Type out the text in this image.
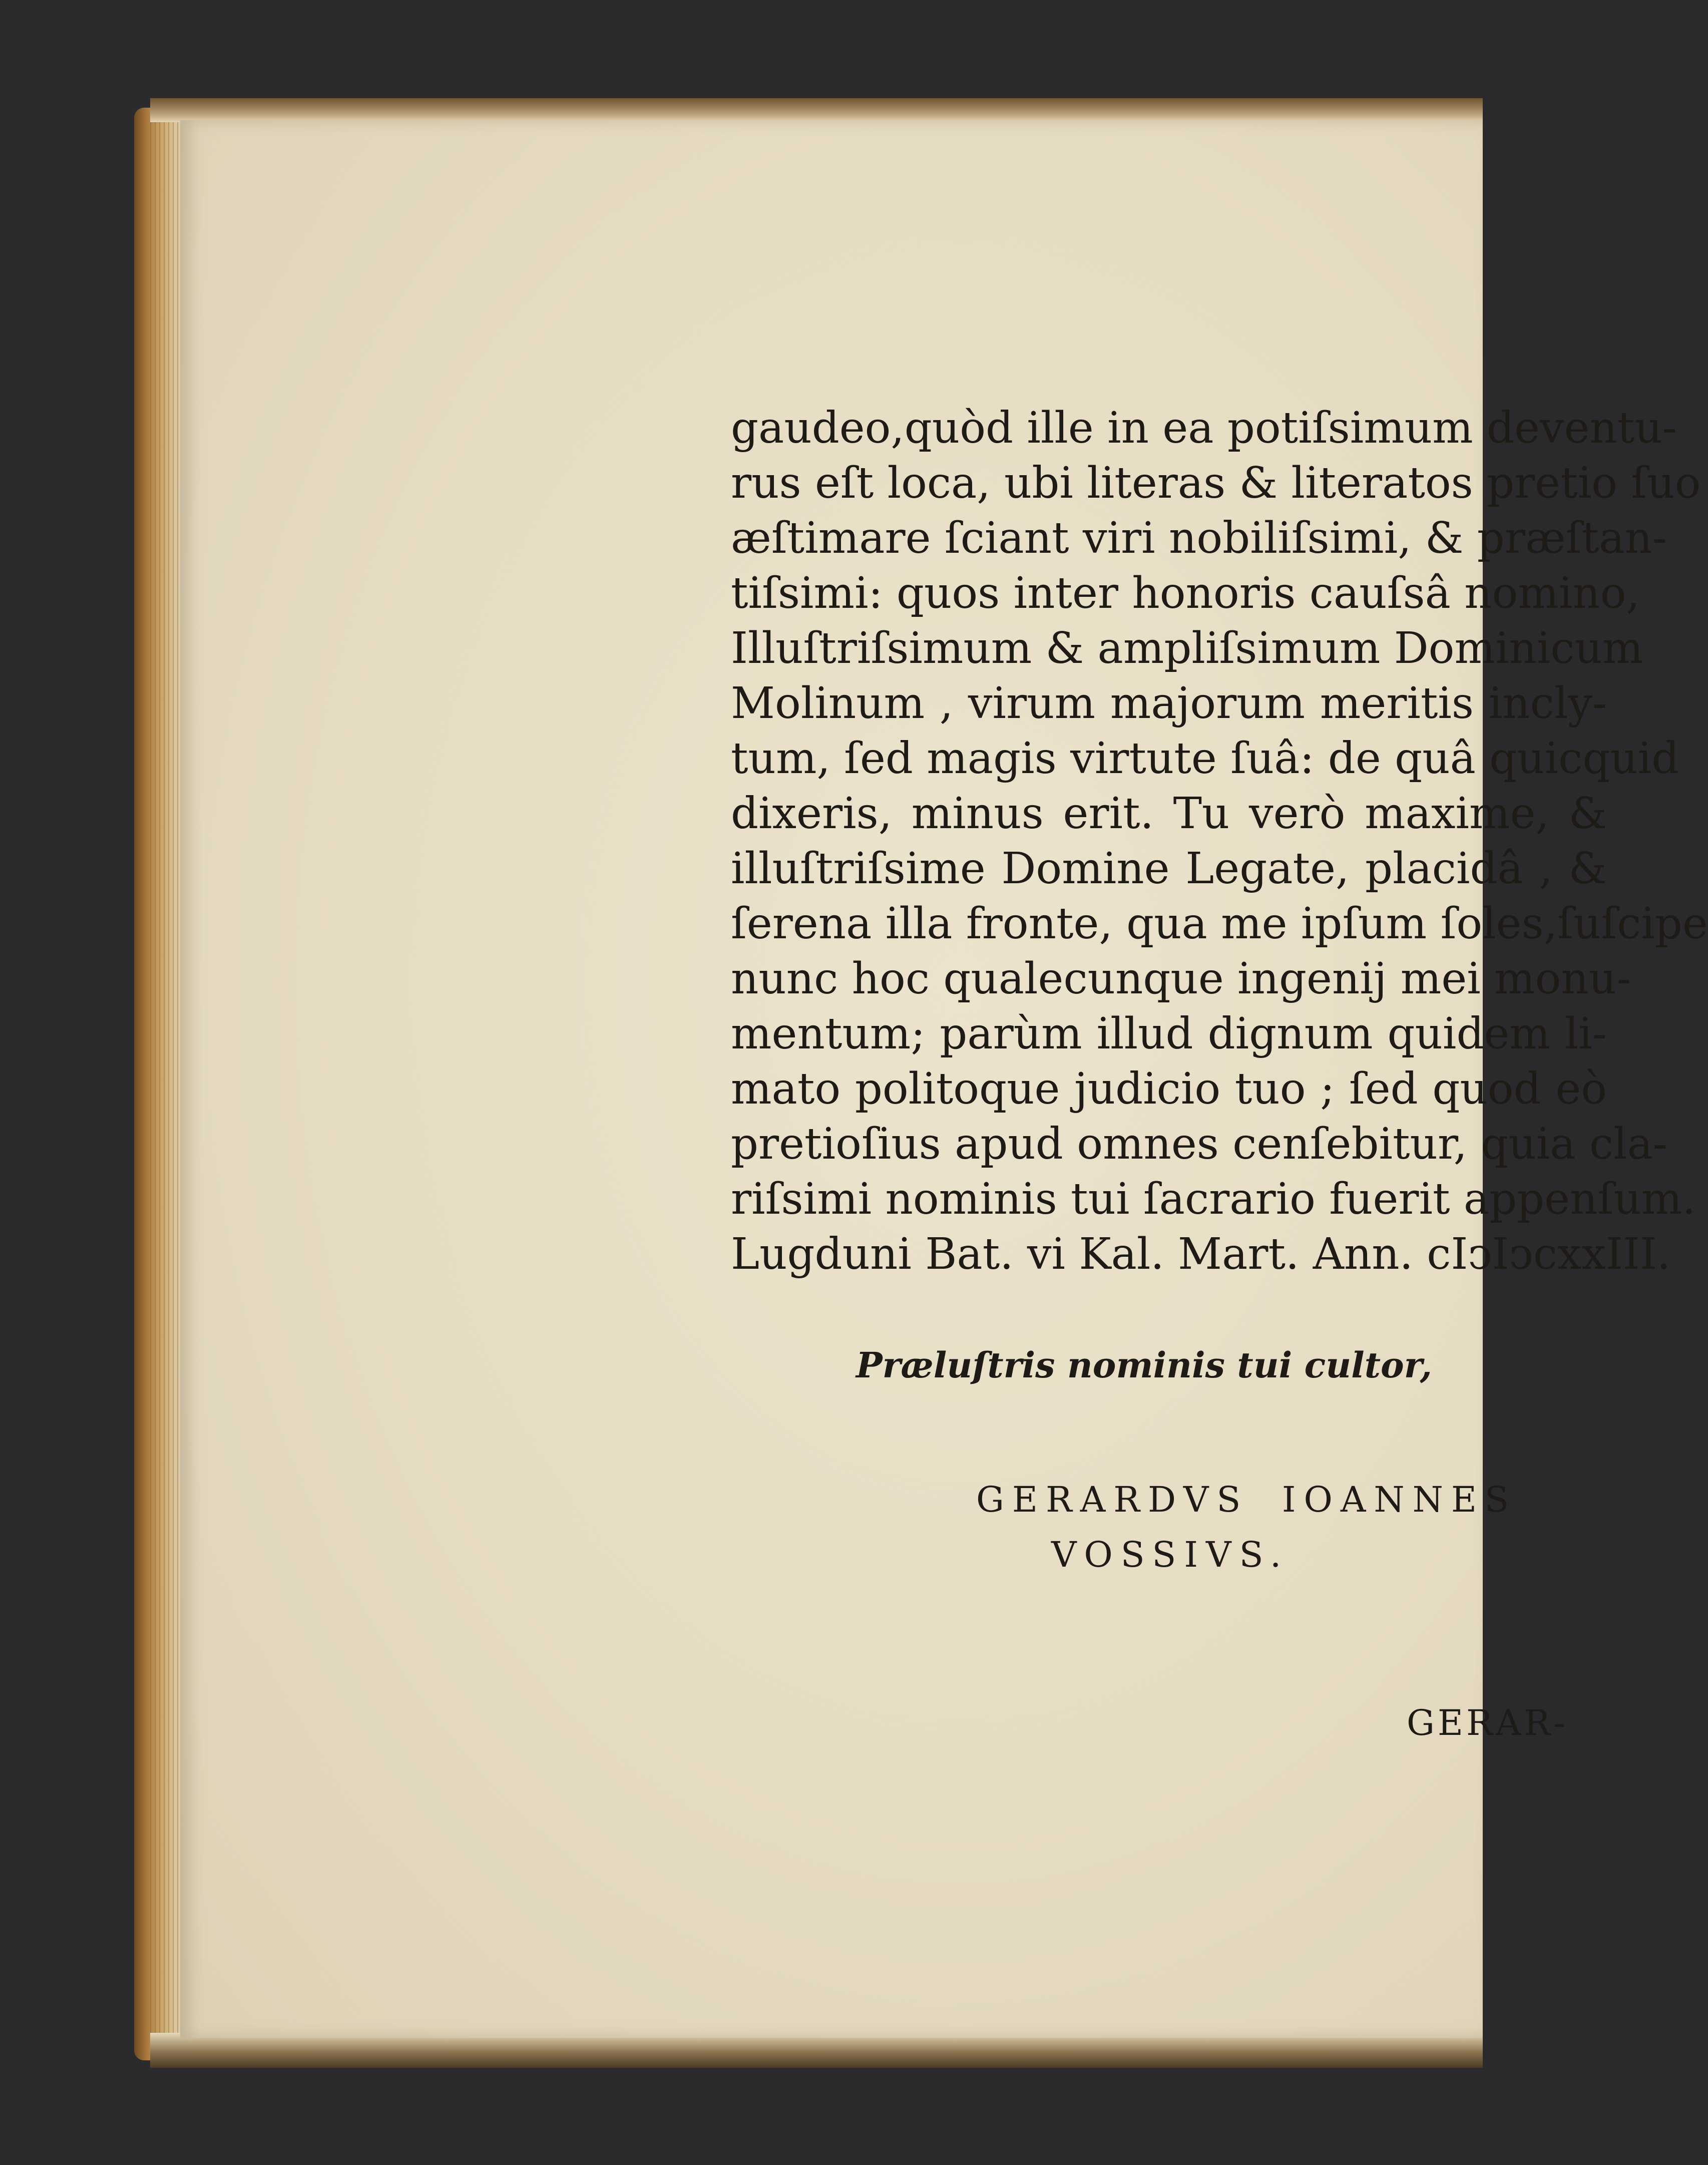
gaudeo,quòd ille in ea potiſsimum deventu-
rus eſt loca, ubi literas & literatos pretio ſuo
æſtimare ſciant viri nobiliſsimi, & præſtan-
tiſsimi: quos inter honoris cauſsâ nomino,
Illuſtriſsimum & ampliſsimum Dominicum
Molinum , virum majorum meritis incly-
tum, ſed magis virtute ſuâ: de quâ quicquid
dixeris, minus erit. Tu verò maxime, &
illuſtriſsime Domine Legate, placidâ , &
ſerena illa fronte, qua me ipſum ſoles,ſuſcipe
nunc hoc qualecunque ingenij mei monu-
mentum; parùm illud dignum quidem li-
mato politoque judicio tuo ; ſed quod eò
pretioſius apud omnes cenſebitur, quia cla-
riſsimi nominis tui ſacrario fuerit appenſum.
Lugduni Bat. vi Kal. Mart. Ann. cIↄIↄcxxIII.
Præluſtris nominis tui cultor,
GERARDVS IOANNES
VOSSIVS.
GERAR-
